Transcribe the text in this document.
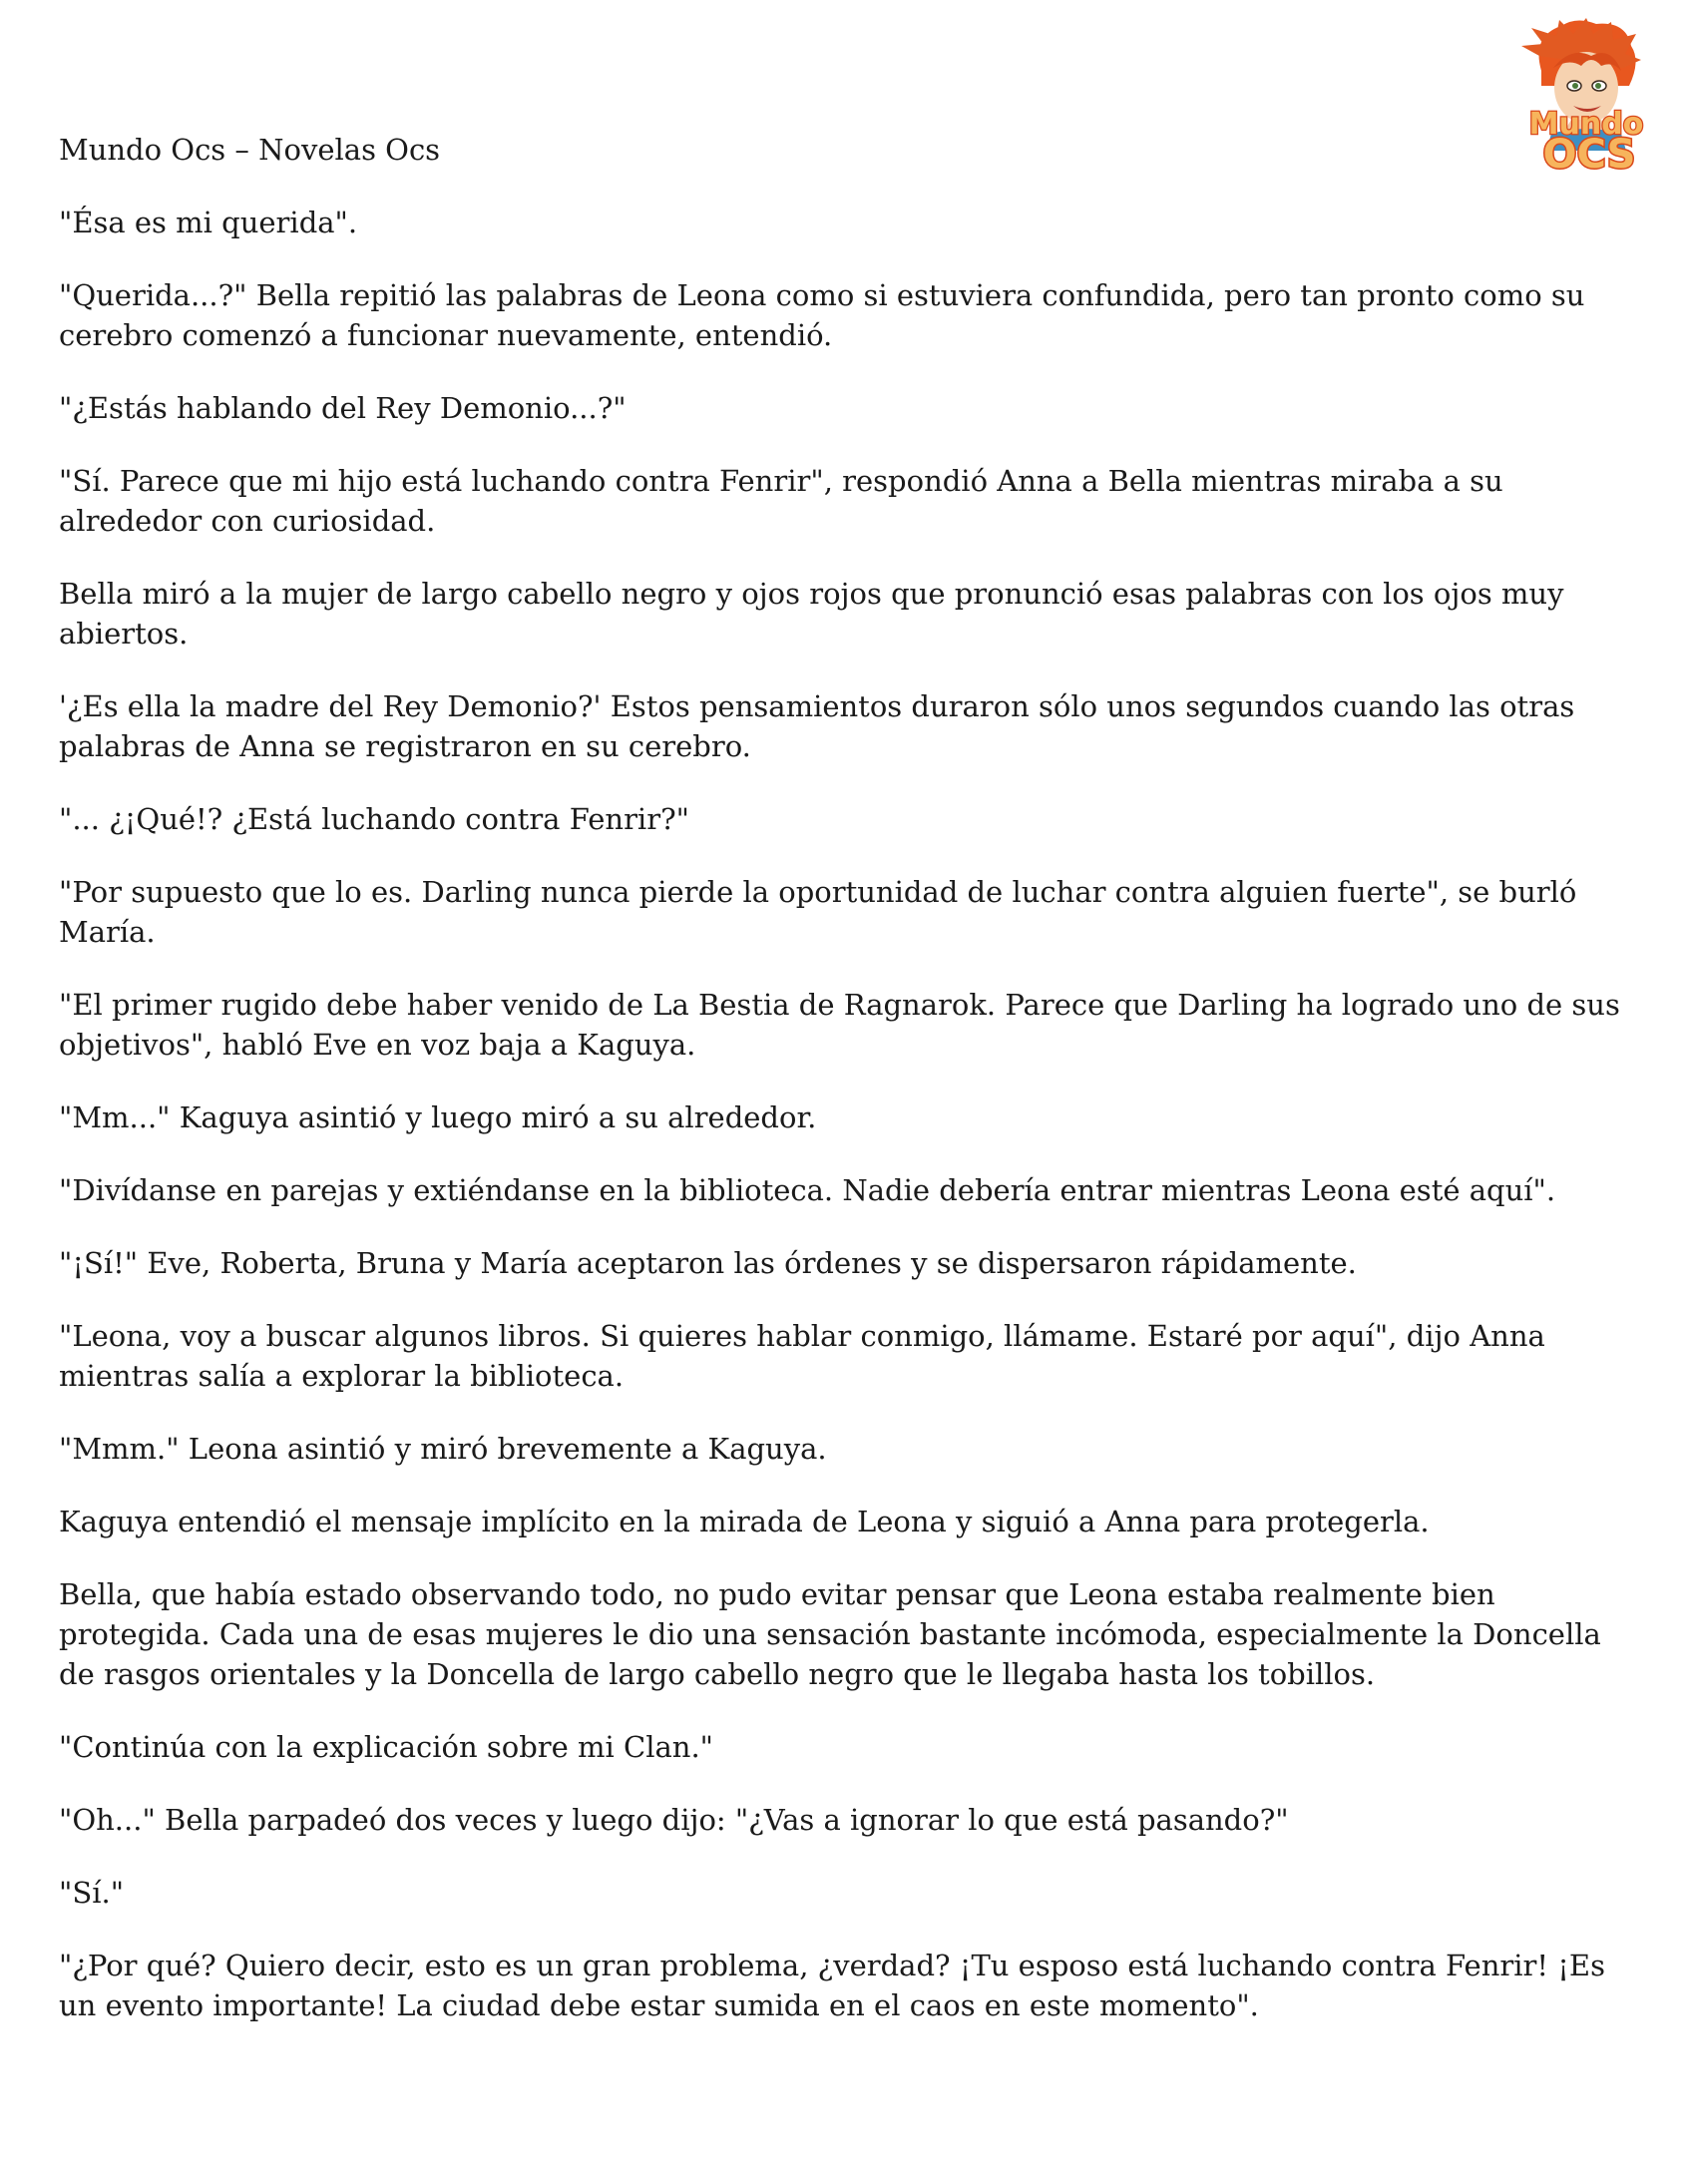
Mundo
OCS

Mundo Ocs – Novelas Ocs

"Ésa es mi querida".

"Querida...?" Bella repitió las palabras de Leona como si estuviera confundida, pero tan pronto como su cerebro comenzó a funcionar nuevamente, entendió.

"¿Estás hablando del Rey Demonio...?"

"Sí. Parece que mi hijo está luchando contra Fenrir", respondió Anna a Bella mientras miraba a su alrededor con curiosidad.

Bella miró a la mujer de largo cabello negro y ojos rojos que pronunció esas palabras con los ojos muy abiertos.

'¿Es ella la madre del Rey Demonio?' Estos pensamientos duraron sólo unos segundos cuando las otras palabras de Anna se registraron en su cerebro.

"... ¿¡Qué!? ¿Está luchando contra Fenrir?"

"Por supuesto que lo es. Darling nunca pierde la oportunidad de luchar contra alguien fuerte", se burló María.

"El primer rugido debe haber venido de La Bestia de Ragnarok. Parece que Darling ha logrado uno de sus objetivos", habló Eve en voz baja a Kaguya.

"Mm..." Kaguya asintió y luego miró a su alrededor.

"Divídanse en parejas y extiéndanse en la biblioteca. Nadie debería entrar mientras Leona esté aquí".

"¡Sí!" Eve, Roberta, Bruna y María aceptaron las órdenes y se dispersaron rápidamente.

"Leona, voy a buscar algunos libros. Si quieres hablar conmigo, llámame. Estaré por aquí", dijo Anna mientras salía a explorar la biblioteca.

"Mmm." Leona asintió y miró brevemente a Kaguya.

Kaguya entendió el mensaje implícito en la mirada de Leona y siguió a Anna para protegerla.

Bella, que había estado observando todo, no pudo evitar pensar que Leona estaba realmente bien protegida. Cada una de esas mujeres le dio una sensación bastante incómoda, especialmente la Doncella de rasgos orientales y la Doncella de largo cabello negro que le llegaba hasta los tobillos.

"Continúa con la explicación sobre mi Clan."

"Oh..." Bella parpadeó dos veces y luego dijo: "¿Vas a ignorar lo que está pasando?"

"Sí."

"¿Por qué? Quiero decir, esto es un gran problema, ¿verdad? ¡Tu esposo está luchando contra Fenrir! ¡Es un evento importante! La ciudad debe estar sumida en el caos en este momento".
